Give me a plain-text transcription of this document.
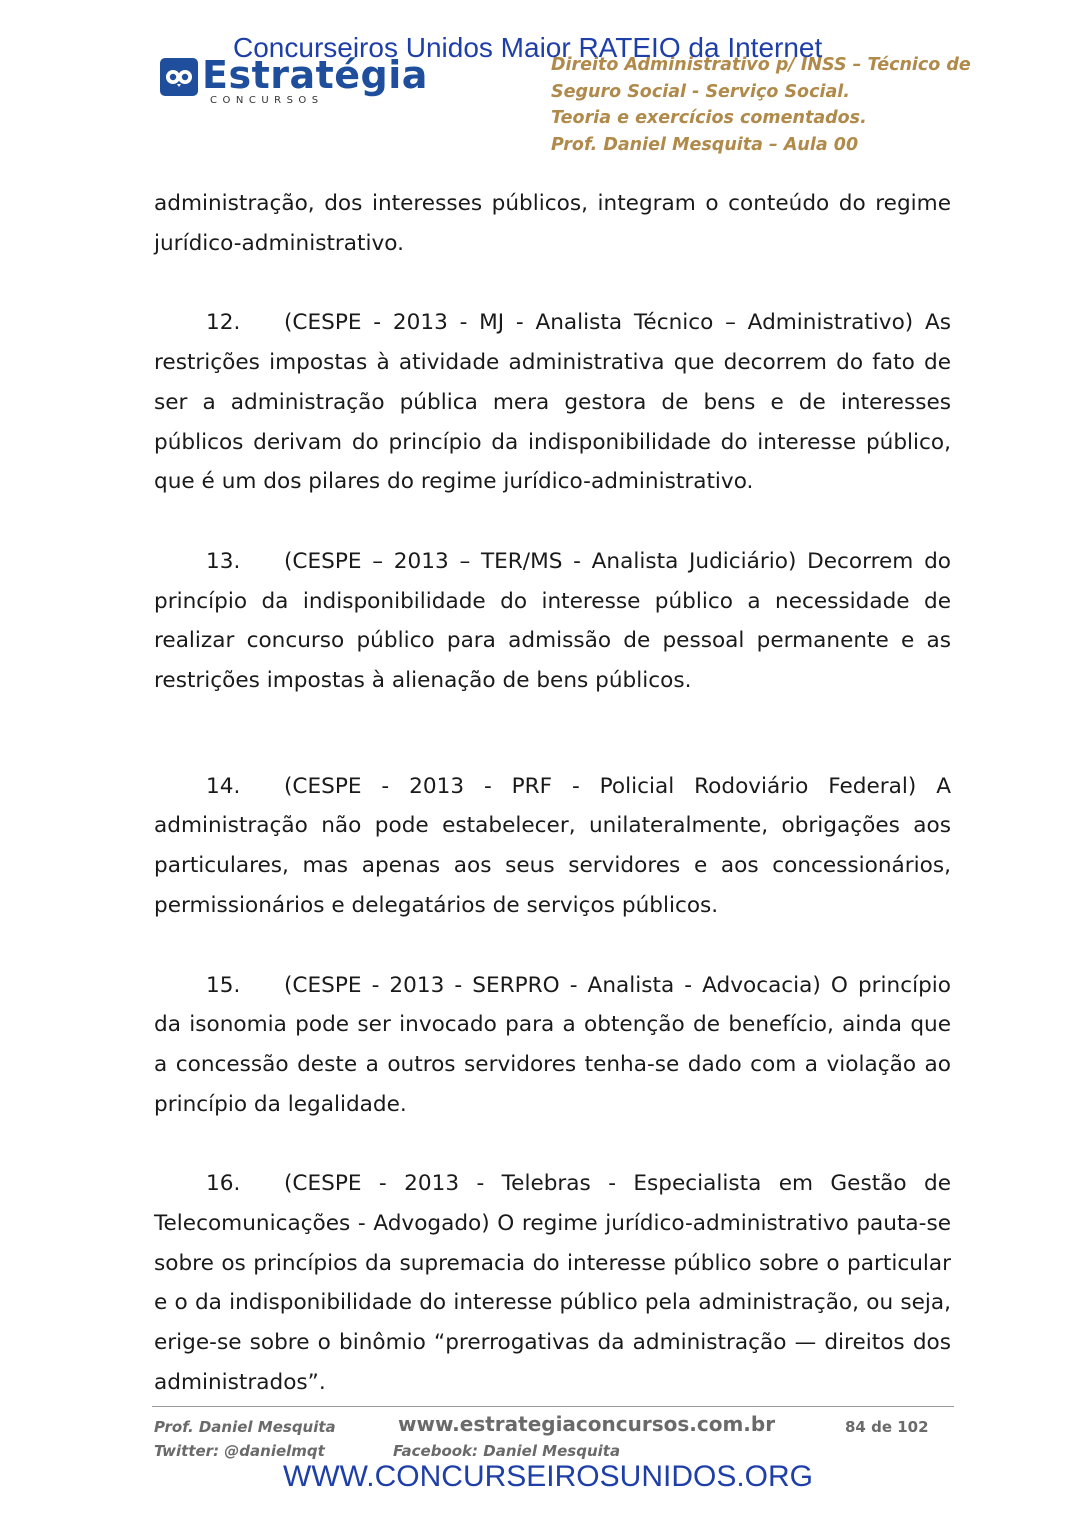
Estratégia
CONCURSOS
Concurseiros Unidos Maior RATEIO da Internet
Direito Administrativo p/ INSS – Técnico de
Seguro Social - Serviço Social.
Teoria e exercícios comentados.
Prof. Daniel Mesquita – Aula 00

administração, dos interesses públicos, integram o conteúdo do regime jurídico-administrativo.

12. (CESPE - 2013 - MJ - Analista Técnico – Administrativo) As restrições impostas à atividade administrativa que decorrem do fato de ser a administração pública mera gestora de bens e de interesses públicos derivam do princípio da indisponibilidade do interesse público, que é um dos pilares do regime jurídico-administrativo.

13. (CESPE – 2013 – TER/MS - Analista Judiciário) Decorrem do princípio da indisponibilidade do interesse público a necessidade de realizar concurso público para admissão de pessoal permanente e as restrições impostas à alienação de bens públicos.

14. (CESPE - 2013 - PRF - Policial Rodoviário Federal) A administração não pode estabelecer, unilateralmente, obrigações aos particulares, mas apenas aos seus servidores e aos concessionários, permissionários e delegatários de serviços públicos.

15. (CESPE - 2013 - SERPRO - Analista - Advocacia) O princípio da isonomia pode ser invocado para a obtenção de benefício, ainda que a concessão deste a outros servidores tenha-se dado com a violação ao princípio da legalidade.

16. (CESPE - 2013 - Telebras - Especialista em Gestão de Telecomunicações - Advogado) O regime jurídico-administrativo pauta-se sobre os princípios da supremacia do interesse público sobre o particular e o da indisponibilidade do interesse público pela administração, ou seja, erige-se sobre o binômio “prerrogativas da administração — direitos dos administrados”.

Prof. Daniel Mesquita
Twitter: @danielmqt
www.estrategiaconcursos.com.br
Facebook: Daniel Mesquita
84 de 102
WWW.CONCURSEIROSUNIDOS.ORG
